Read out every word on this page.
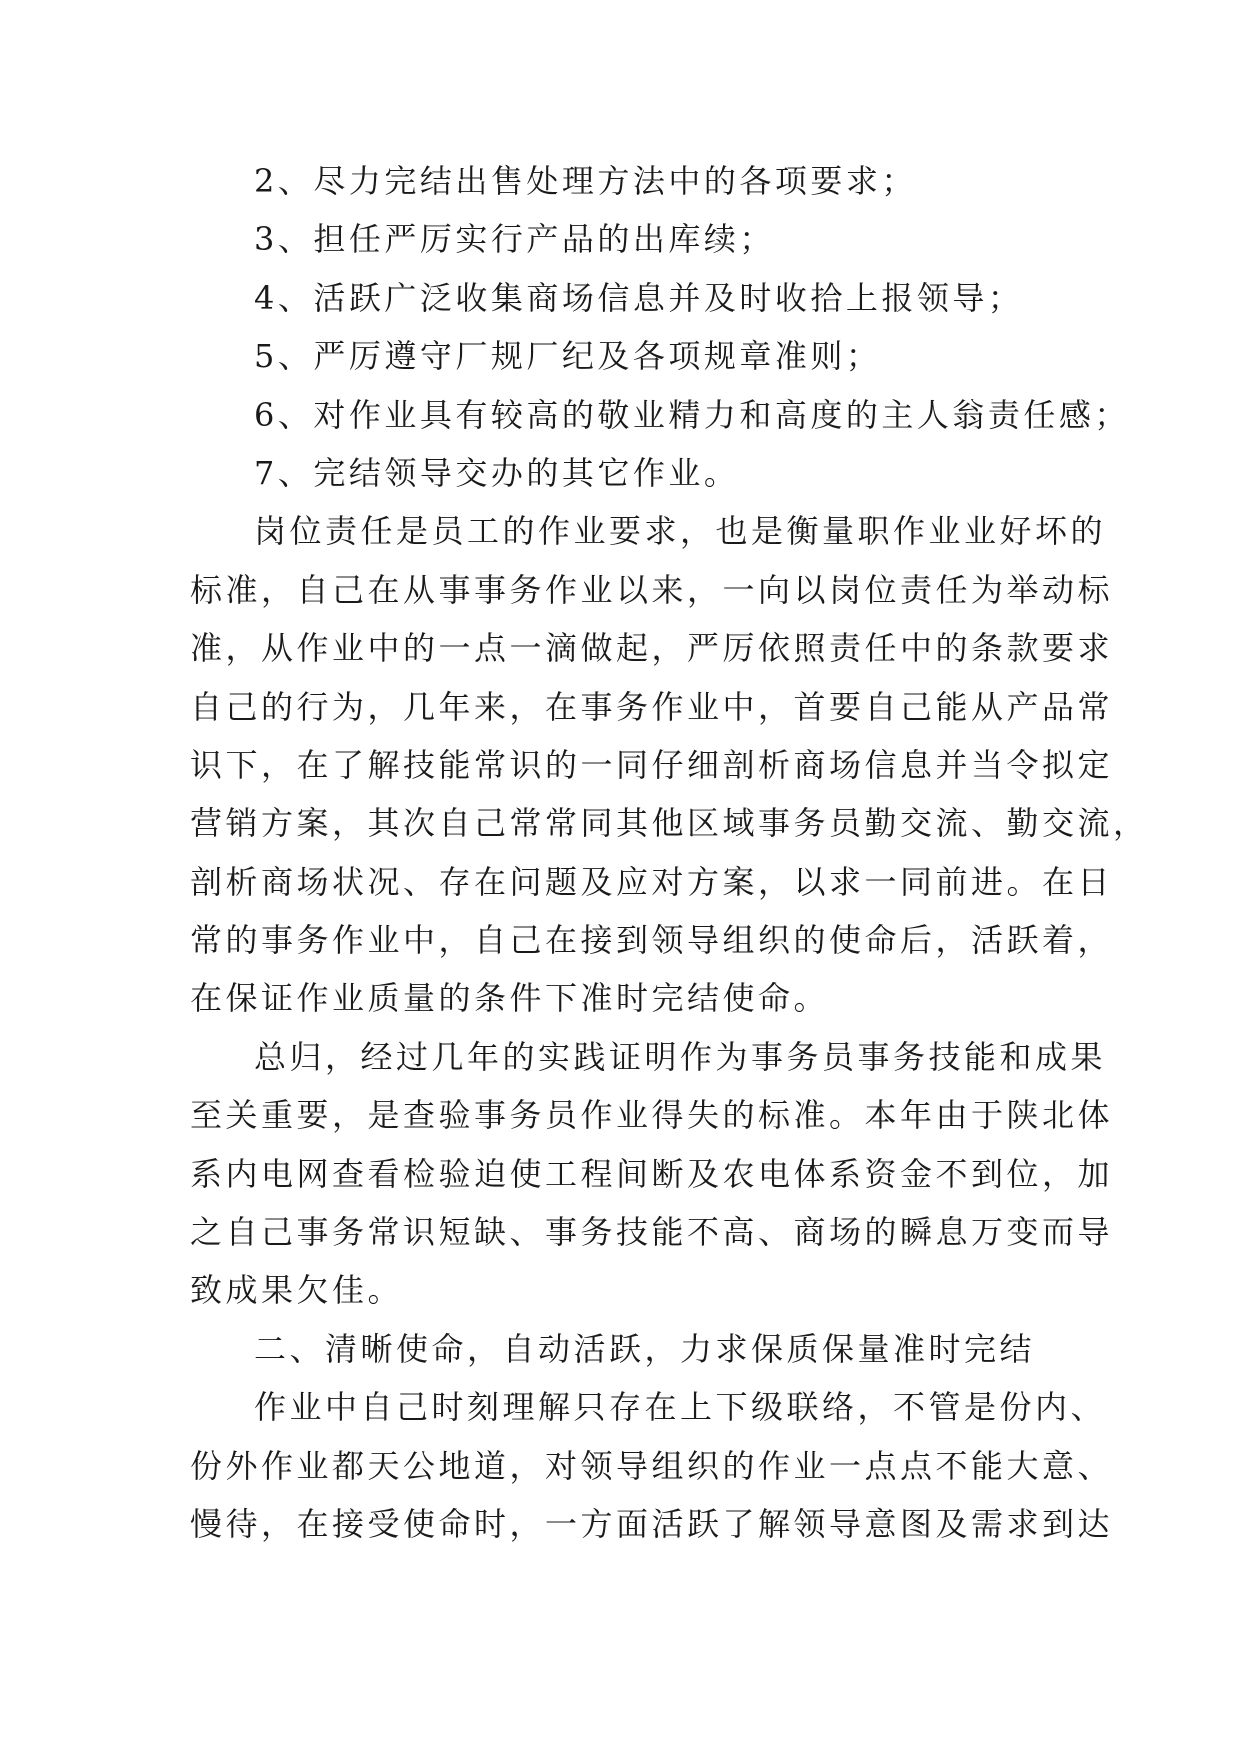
2、尽力完结出售处理方法中的各项要求；
3、担任严厉实行产品的出库续；
4、活跃广泛收集商场信息并及时收拾上报领导；
5、严厉遵守厂规厂纪及各项规章准则；
6、对作业具有较高的敬业精力和高度的主人翁责任感；
7、完结领导交办的其它作业。
岗位责任是员工的作业要求，也是衡量职作业业好坏的
标准，自己在从事事务作业以来，一向以岗位责任为举动标
准，从作业中的一点一滴做起，严厉依照责任中的条款要求
自己的行为，几年来，在事务作业中，首要自己能从产品常
识下，在了解技能常识的一同仔细剖析商场信息并当令拟定
营销方案，其次自己常常同其他区域事务员勤交流、勤交流，
剖析商场状况、存在问题及应对方案，以求一同前进。在日
常的事务作业中，自己在接到领导组织的使命后，活跃着，
在保证作业质量的条件下准时完结使命。
总归，经过几年的实践证明作为事务员事务技能和成果
至关重要，是查验事务员作业得失的标准。本年由于陕北体
系内电网查看检验迫使工程间断及农电体系资金不到位，加
之自己事务常识短缺、事务技能不高、商场的瞬息万变而导
致成果欠佳。
二、清晰使命，自动活跃，力求保质保量准时完结
作业中自己时刻理解只存在上下级联络，不管是份内、
份外作业都天公地道，对领导组织的作业一点点不能大意、
慢待，在接受使命时，一方面活跃了解领导意图及需求到达
